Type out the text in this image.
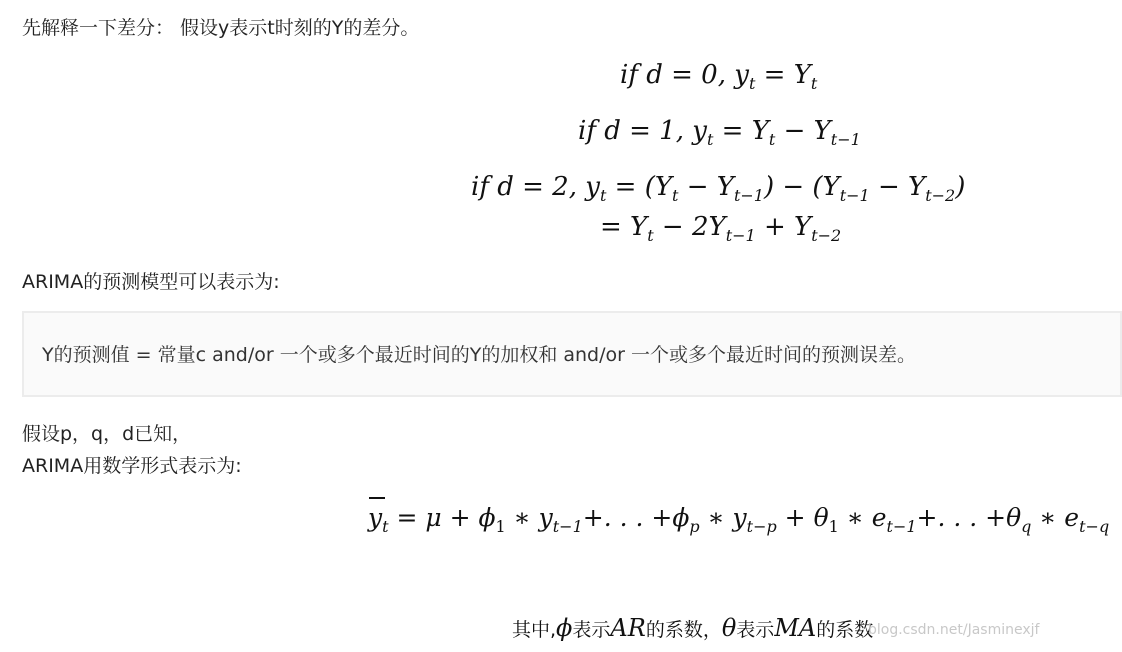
先解释一下差分： 假设y表示t时刻的Y的差分。
if d = 0, $y_t = Y_t$
if d = 1, $y_t = Y_t - Y_{t-1}$
if d = 2, $y_t = (Y_t - Y_{t-1}) - (Y_{t-1} - Y_{t-2})$
= $Y_t - 2Y_{t-1} + Y_{t-2}$
ARIMA的预测模型可以表示为:
Y的预测值 = 常量c and/or 一个或多个最近时间的Y的加权和 and/or 一个或多个最近时间的预测误差。
假设p，q，d已知，
ARIMA用数学形式表示为:
$y_t = \mu + \phi_1$ ∗ $y_{t-1}+$. . . $+\phi_p$ ∗ $y_{t-p} + \theta_1$ ∗ $e_{t-1}+$. . . $+\theta_q$ ∗ $e_{t-q}$
其中,ϕ表示AR的系数，θ表示MA的系数
blog.csdn.net/Jasminexjf
